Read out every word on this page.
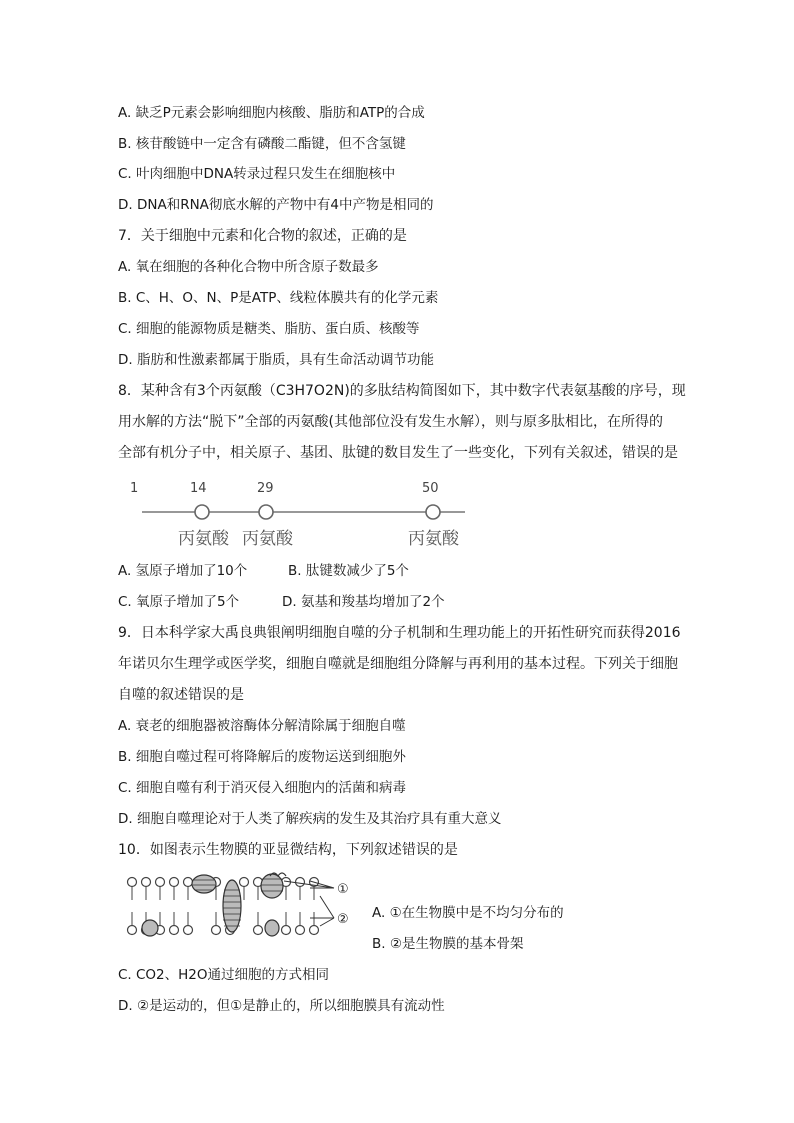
A. 缺乏P元素会影响细胞内核酸、脂肪和ATP的合成
B. 核苷酸链中一定含有磷酸二酯键，但不含氢键
C. 叶肉细胞中DNA转录过程只发生在细胞核中
D. DNA和RNA彻底水解的产物中有4中产物是相同的
7．关于细胞中元素和化合物的叙述，正确的是
A. 氧在细胞的各种化合物中所含原子数最多
B. C、H、O、N、P是ATP、线粒体膜共有的化学元素
C. 细胞的能源物质是糖类、脂肪、蛋白质、核酸等
D. 脂肪和性激素都属于脂质，具有生命活动调节功能
8．某种含有3个丙氨酸（C3H7O2N)的多肽结构简图如下，其中数字代表氨基酸的序号，现
用水解的方法“脱下”全部的丙氨酸(其他部位没有发生水解），则与原多肽相比，在所得的
全部有机分子中，相关原子、基团、肽键的数目发生了一些变化，下列有关叙述，错误的是
1	14	29	50
丙氨酸 丙氨酸	丙氨酸
A. 氢原子增加了10个	B. 肽键数减少了5个
C. 氧原子增加了5个	D. 氨基和羧基均增加了2个
9．日本科学家大禹良典银阐明细胞自噬的分子机制和生理功能上的开拓性研究而获得2016
年诺贝尔生理学或医学奖，细胞自噬就是细胞组分降解与再利用的基本过程。下列关于细胞
自噬的叙述错误的是
A. 衰老的细胞器被溶酶体分解清除属于细胞自噬
B. 细胞自噬过程可将降解后的废物运送到细胞外
C. 细胞自噬有利于消灭侵入细胞内的活菌和病毒
D. 细胞自噬理论对于人类了解疾病的发生及其治疗具有重大意义
10．如图表示生物膜的亚显微结构，下列叙述错误的是
①
② A. ①在生物膜中是不均匀分布的
B. ②是生物膜的基本骨架
C. CO2、H2O通过细胞的方式相同
D. ②是运动的，但①是静止的，所以细胞膜具有流动性
